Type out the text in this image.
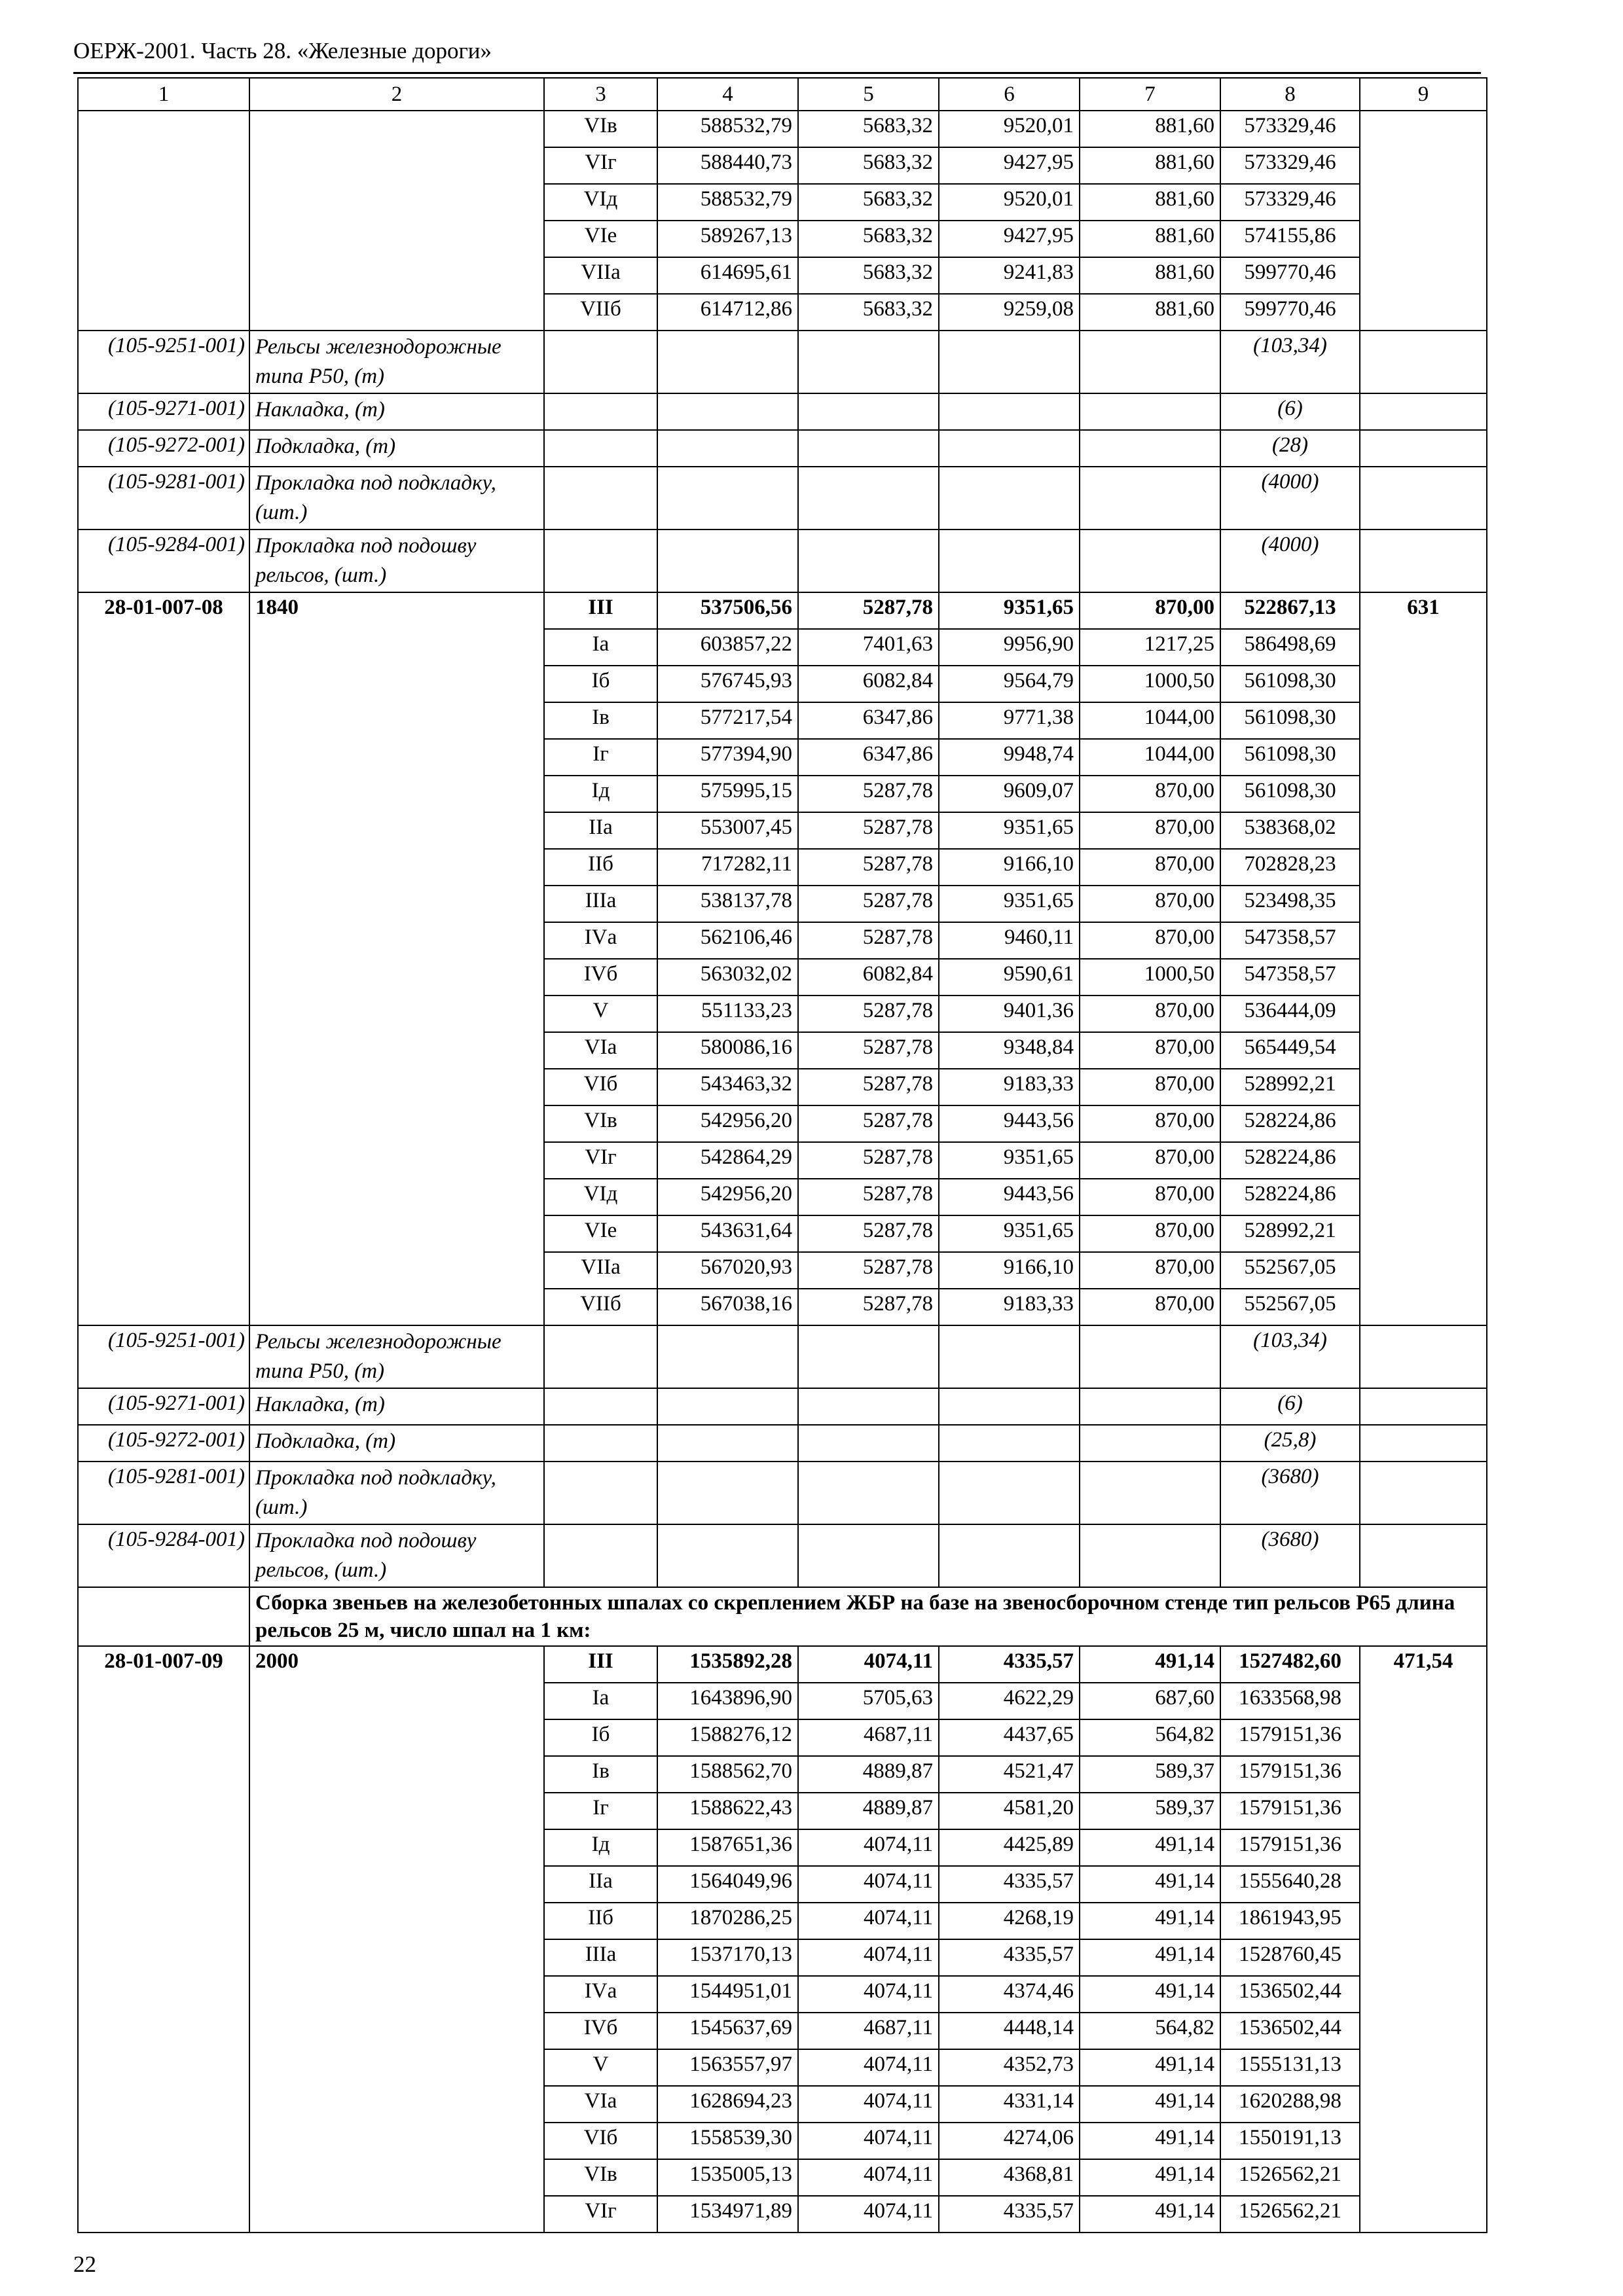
ОЕРЖ-2001. Часть 28. «Железные дороги»
1	2	3	4	5	6	7	8	9
		VIв	588532,79	5683,32	9520,01	881,60	573329,46	
		VIг	588440,73	5683,32	9427,95	881,60	573329,46	
		VIд	588532,79	5683,32	9520,01	881,60	573329,46	
		VIе	589267,13	5683,32	9427,95	881,60	574155,86	
		VIIа	614695,61	5683,32	9241,83	881,60	599770,46	
		VIIб	614712,86	5683,32	9259,08	881,60	599770,46	
(105-9251-001)	Рельсы железнодорожные типа Р50, (т)						(103,34)	
(105-9271-001)	Накладка, (т)						(6)	
(105-9272-001)	Подкладка, (т)						(28)	
(105-9281-001)	Прокладка под подкладку, (шт.)						(4000)	
(105-9284-001)	Прокладка под подошву рельсов, (шт.)						(4000)	
28-01-007-08	1840	III	537506,56	5287,78	9351,65	870,00	522867,13	631
		Iа	603857,22	7401,63	9956,90	1217,25	586498,69	
		Iб	576745,93	6082,84	9564,79	1000,50	561098,30	
		Iв	577217,54	6347,86	9771,38	1044,00	561098,30	
		Iг	577394,90	6347,86	9948,74	1044,00	561098,30	
		Iд	575995,15	5287,78	9609,07	870,00	561098,30	
		IIа	553007,45	5287,78	9351,65	870,00	538368,02	
		IIб	717282,11	5287,78	9166,10	870,00	702828,23	
		IIIа	538137,78	5287,78	9351,65	870,00	523498,35	
		IVа	562106,46	5287,78	9460,11	870,00	547358,57	
		IVб	563032,02	6082,84	9590,61	1000,50	547358,57	
		V	551133,23	5287,78	9401,36	870,00	536444,09	
		VIа	580086,16	5287,78	9348,84	870,00	565449,54	
		VIб	543463,32	5287,78	9183,33	870,00	528992,21	
		VIв	542956,20	5287,78	9443,56	870,00	528224,86	
		VIг	542864,29	5287,78	9351,65	870,00	528224,86	
		VIд	542956,20	5287,78	9443,56	870,00	528224,86	
		VIе	543631,64	5287,78	9351,65	870,00	528992,21	
		VIIа	567020,93	5287,78	9166,10	870,00	552567,05	
		VIIб	567038,16	5287,78	9183,33	870,00	552567,05	
(105-9251-001)	Рельсы железнодорожные типа Р50, (т)						(103,34)	
(105-9271-001)	Накладка, (т)						(6)	
(105-9272-001)	Подкладка, (т)						(25,8)	
(105-9281-001)	Прокладка под подкладку, (шт.)						(3680)	
(105-9284-001)	Прокладка под подошву рельсов, (шт.)						(3680)	
	Сборка звеньев на железобетонных шпалах со скреплением ЖБР на базе на звеносборочном стенде тип рельсов Р65 длина рельсов 25 м, число шпал на 1 км:							
28-01-007-09	2000	III	1535892,28	4074,11	4335,57	491,14	1527482,60	471,54
		Iа	1643896,90	5705,63	4622,29	687,60	1633568,98	
		Iб	1588276,12	4687,11	4437,65	564,82	1579151,36	
		Iв	1588562,70	4889,87	4521,47	589,37	1579151,36	
		Iг	1588622,43	4889,87	4581,20	589,37	1579151,36	
		Iд	1587651,36	4074,11	4425,89	491,14	1579151,36	
		IIа	1564049,96	4074,11	4335,57	491,14	1555640,28	
		IIб	1870286,25	4074,11	4268,19	491,14	1861943,95	
		IIIа	1537170,13	4074,11	4335,57	491,14	1528760,45	
		IVа	1544951,01	4074,11	4374,46	491,14	1536502,44	
		IVб	1545637,69	4687,11	4448,14	564,82	1536502,44	
		V	1563557,97	4074,11	4352,73	491,14	1555131,13	
		VIа	1628694,23	4074,11	4331,14	491,14	1620288,98	
		VIб	1558539,30	4074,11	4274,06	491,14	1550191,13	
		VIв	1535005,13	4074,11	4368,81	491,14	1526562,21	
		VIг	1534971,89	4074,11	4335,57	491,14	1526562,21	
22
